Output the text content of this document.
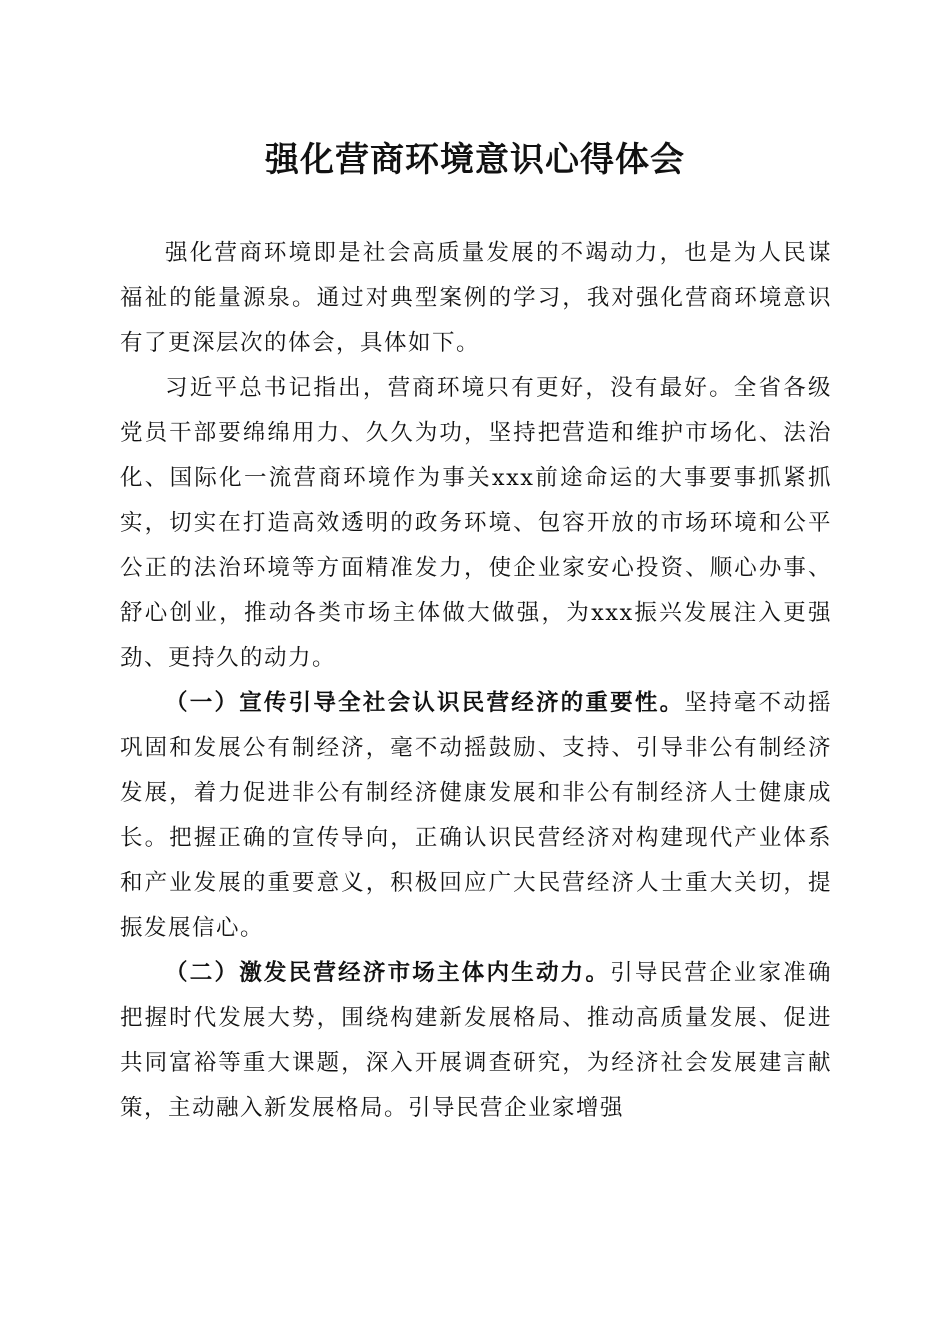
强化营商环境意识心得体会

强化营商环境即是社会高质量发展的不竭动力，也是为人民谋福祉的能量源泉。通过对典型案例的学习，我对强化营商环境意识有了更深层次的体会，具体如下。

习近平总书记指出，营商环境只有更好，没有最好。全省各级党员干部要绵绵用力、久久为功，坚持把营造和维护市场化、法治化、国际化一流营商环境作为事关xxx前途命运的大事要事抓紧抓实，切实在打造高效透明的政务环境、包容开放的市场环境和公平公正的法治环境等方面精准发力，使企业家安心投资、顺心办事、舒心创业，推动各类市场主体做大做强，为xxx振兴发展注入更强劲、更持久的动力。

（一）宣传引导全社会认识民营经济的重要性。坚持毫不动摇巩固和发展公有制经济，毫不动摇鼓励、支持、引导非公有制经济发展，着力促进非公有制经济健康发展和非公有制经济人士健康成长。把握正确的宣传导向，正确认识民营经济对构建现代产业体系和产业发展的重要意义，积极回应广大民营经济人士重大关切，提振发展信心。

（二）激发民营经济市场主体内生动力。引导民营企业家准确把握时代发展大势，围绕构建新发展格局、推动高质量发展、促进共同富裕等重大课题，深入开展调查研究，为经济社会发展建言献策，主动融入新发展格局。引导民营企业家增强
